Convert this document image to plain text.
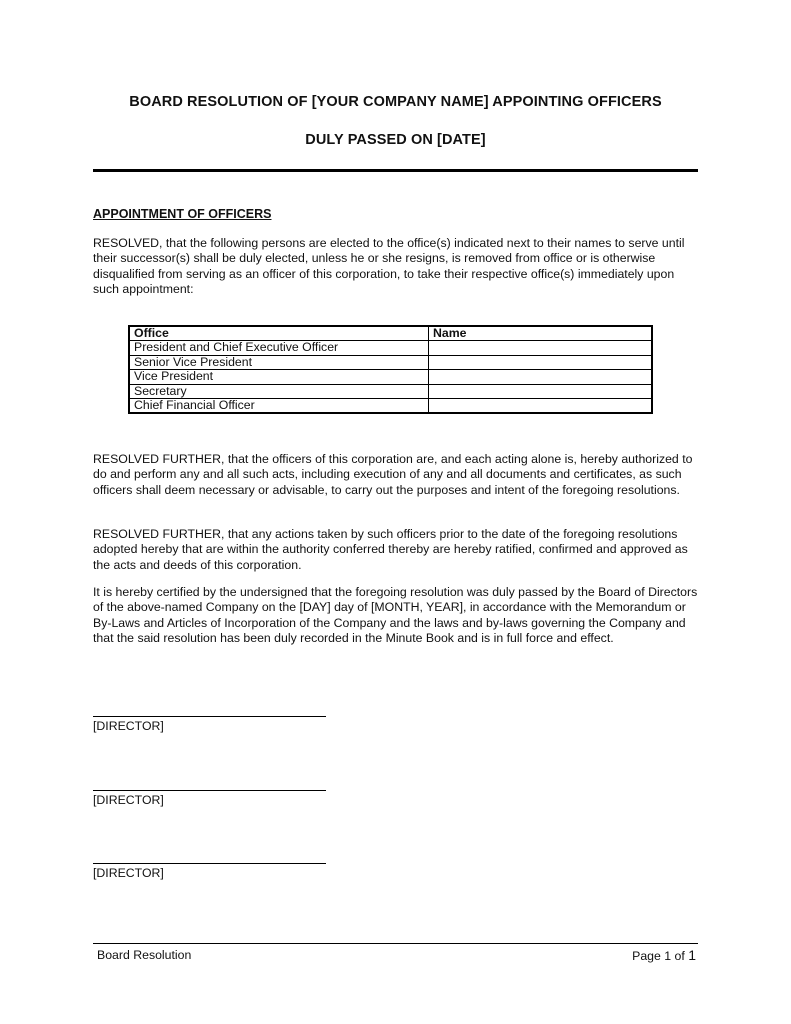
BOARD RESOLUTION OF [YOUR COMPANY NAME] APPOINTING OFFICERS
DULY PASSED ON [DATE]
APPOINTMENT OF OFFICERS

RESOLVED, that the following persons are elected to the office(s) indicated next to their names to serve until their successor(s) shall be duly elected, unless he or she resigns, is removed from office or is otherwise disqualified from serving as an officer of this corporation, to take their respective office(s) immediately upon such appointment:

Office	Name
President and Chief Executive Officer	
Senior Vice President	
Vice President	
Secretary	
Chief Financial Officer	

RESOLVED FURTHER, that the officers of this corporation are, and each acting alone is, hereby authorized to do and perform any and all such acts, including execution of any and all documents and certificates, as such officers shall deem necessary or advisable, to carry out the purposes and intent of the foregoing resolutions.

RESOLVED FURTHER, that any actions taken by such officers prior to the date of the foregoing resolutions adopted hereby that are within the authority conferred thereby are hereby ratified, confirmed and approved as the acts and deeds of this corporation.

It is hereby certified by the undersigned that the foregoing resolution was duly passed by the Board of Directors of the above-named Company on the [DAY] day of [MONTH, YEAR], in accordance with the Memorandum or By-Laws and Articles of Incorporation of the Company and the laws and by-laws governing the Company and that the said resolution has been duly recorded in the Minute Book and is in full force and effect.

[DIRECTOR]
[DIRECTOR]
[DIRECTOR]
Board Resolution	Page 1 of 1
